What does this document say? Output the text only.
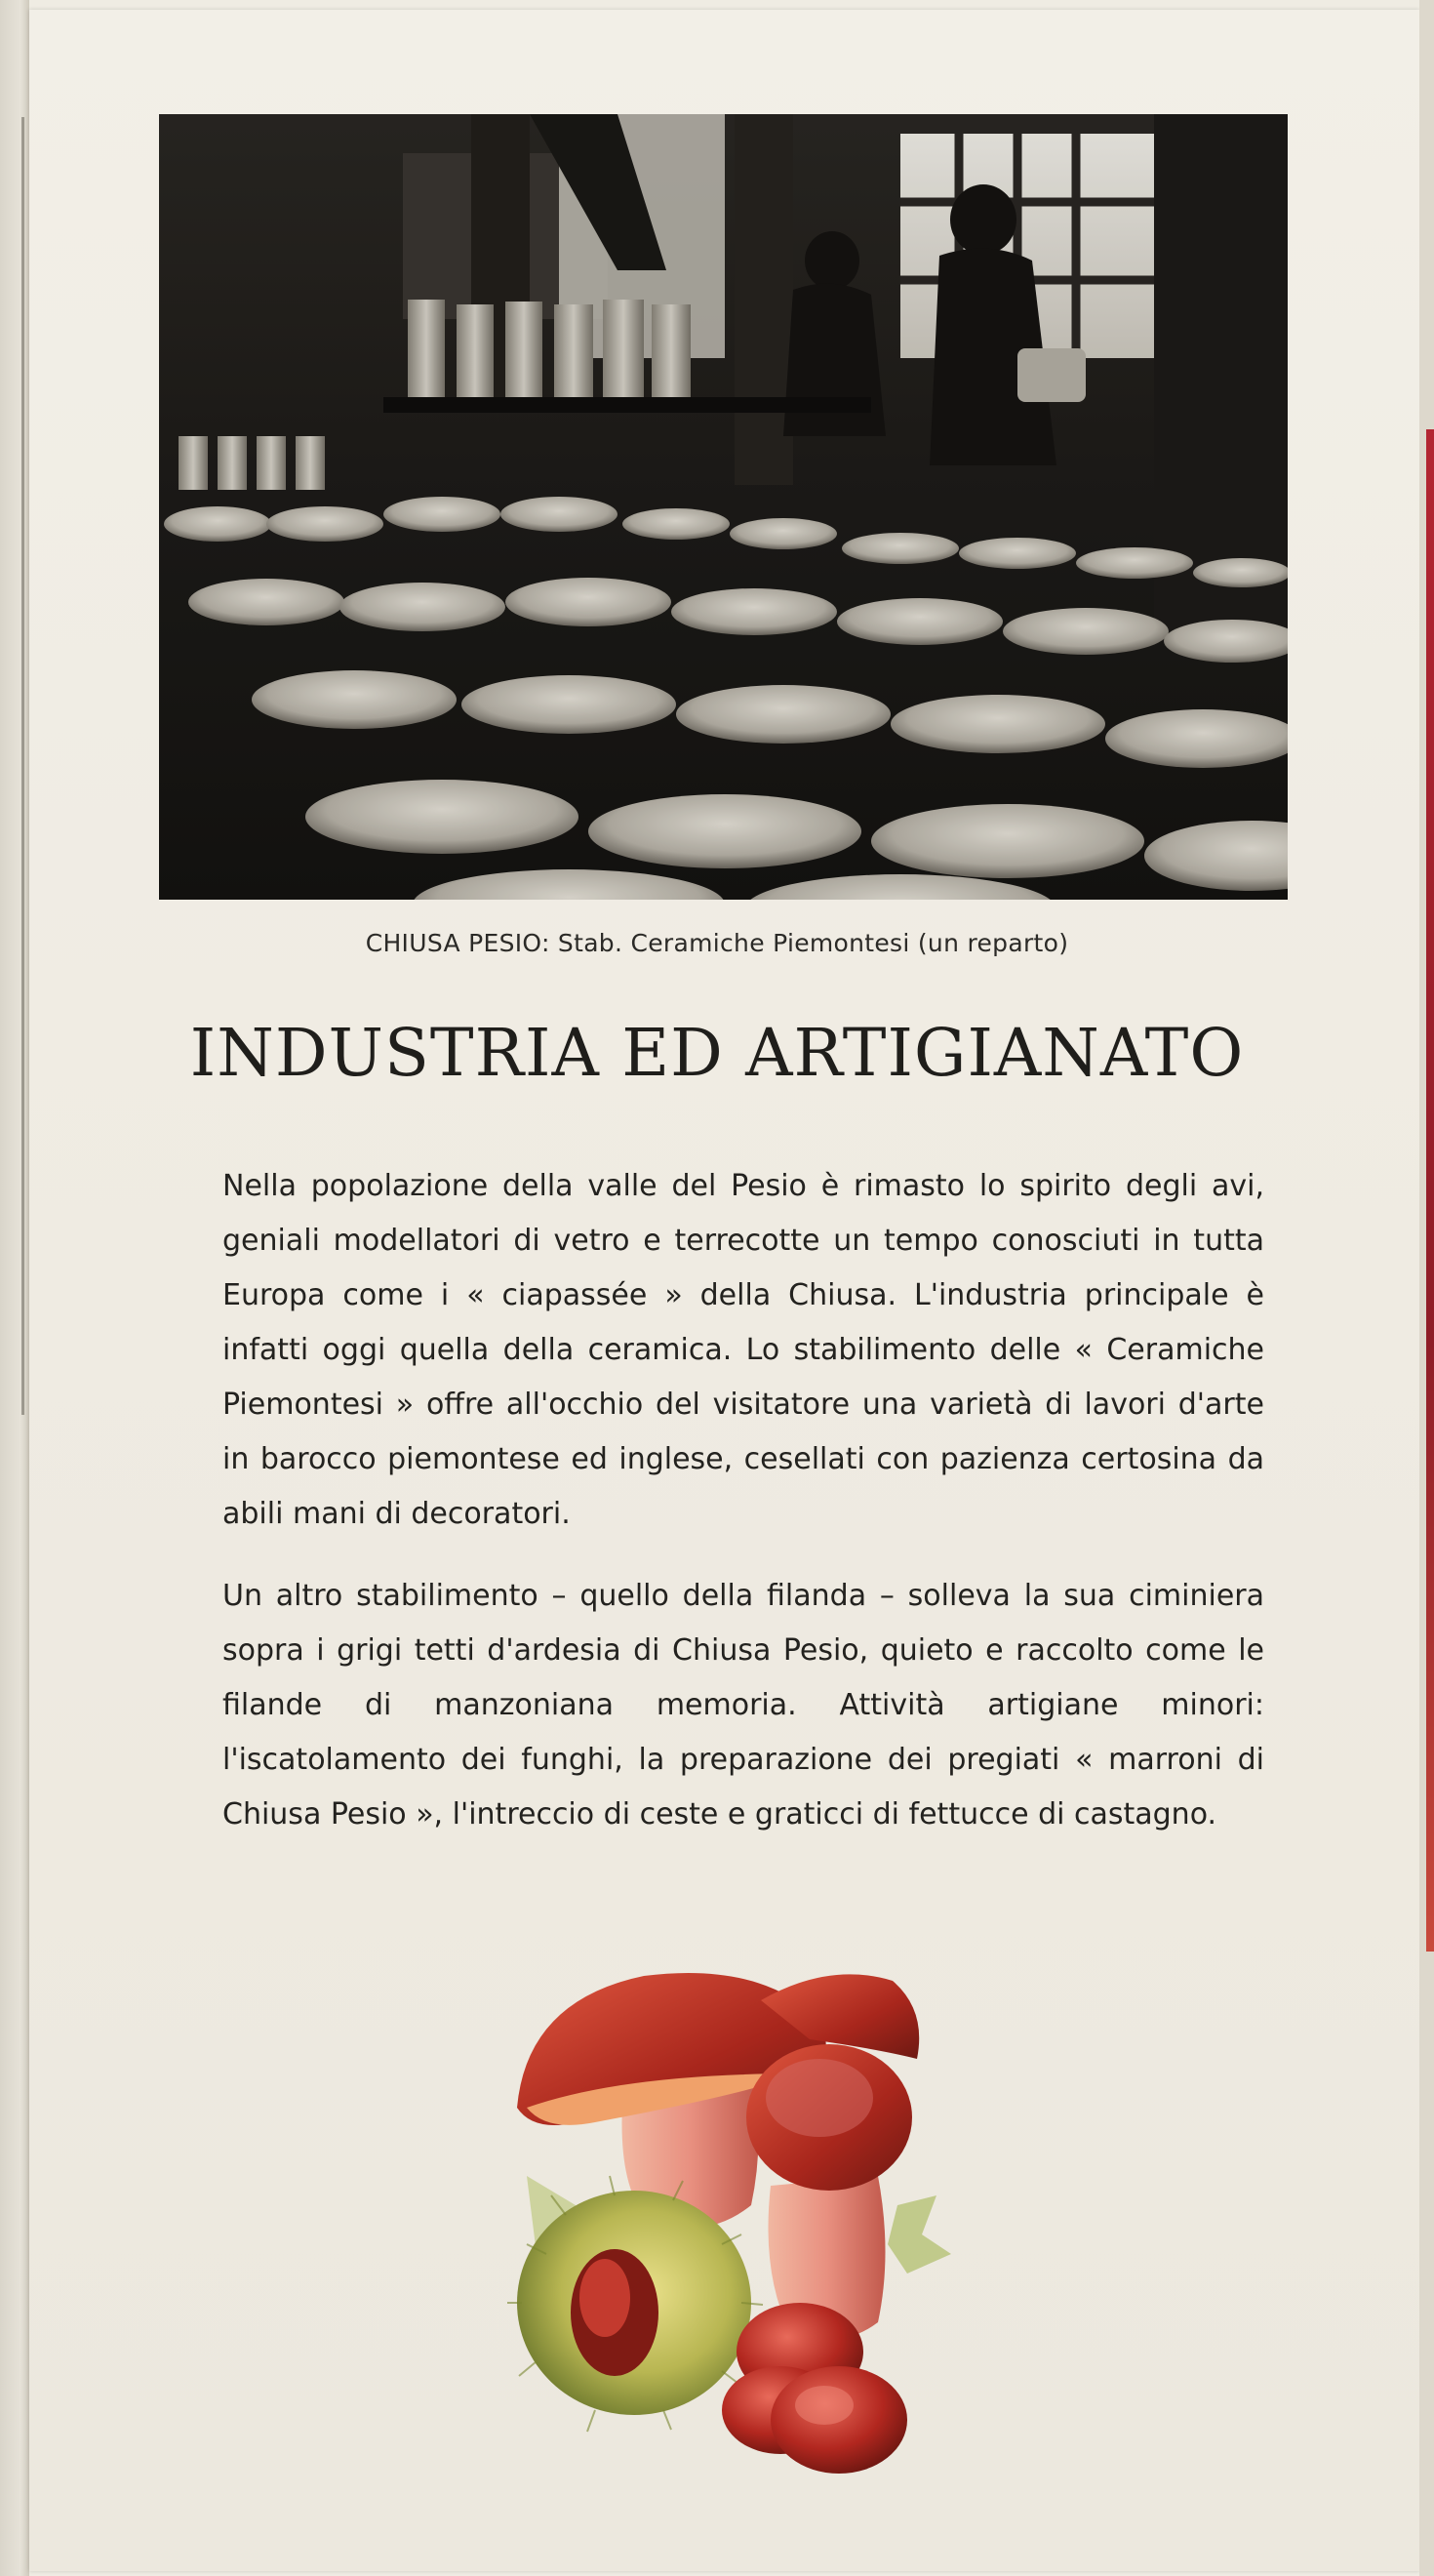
CHIUSA PESIO: Stab. Ceramiche Piemontesi (un reparto)
INDUSTRIA ED ARTIGIANATO
Nella popolazione della valle del Pesio è rimasto lo spirito degli avi, geniali modellatori di vetro e terrecotte un tempo conosciuti in tutta Europa come i « ciapassée » della Chiusa. L'industria principale è infatti oggi quella della ceramica. Lo stabilimento delle « Ceramiche Piemontesi » offre all'occhio del visitatore una varietà di lavori d'arte in barocco piemontese ed inglese, cesellati con pazienza certosina da abili mani di decoratori.
Un altro stabilimento – quello della filanda – solleva la sua ciminiera sopra i grigi tetti d'ardesia di Chiusa Pesio, quieto e raccolto come le filande di manzoniana memoria. Attività artigiane minori: l'iscatolamento dei funghi, la preparazione dei pregiati « marroni di Chiusa Pesio », l'intreccio di ceste e graticci di fettucce di castagno.
